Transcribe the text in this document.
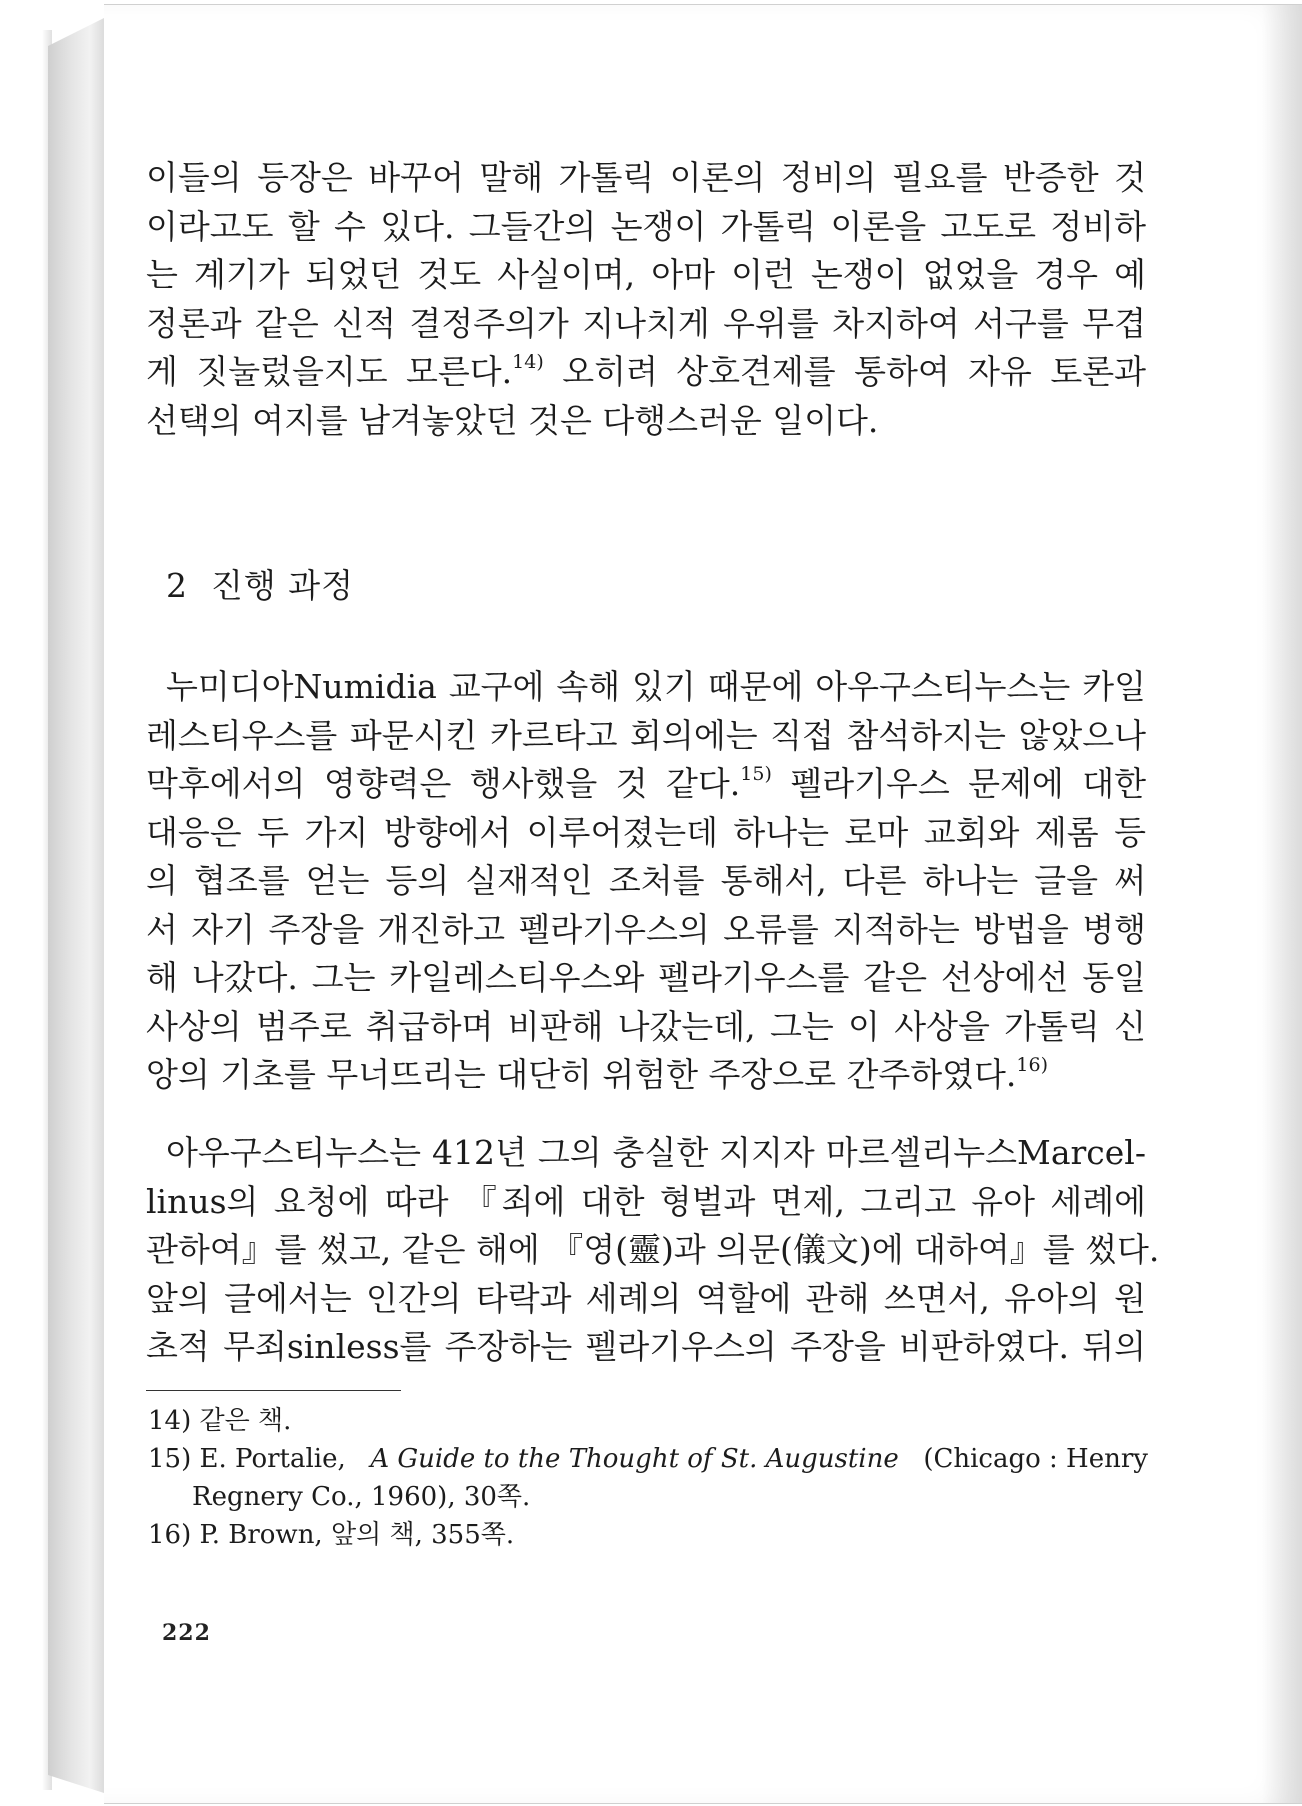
이들의 등장은 바꾸어 말해 가톨릭 이론의 정비의 필요를 반증한 것
이라고도 할 수 있다. 그들간의 논쟁이 가톨릭 이론을 고도로 정비하
는 계기가 되었던 것도 사실이며, 아마 이런 논쟁이 없었을 경우 예
정론과 같은 신적 결정주의가 지나치게 우위를 차지하여 서구를 무겹
게 짓눌렀을지도 모른다.$^{14)}$ 오히려 상호견제를 통하여 자유 토론과
선택의 여지를 남겨놓았던 것은 다행스러운 일이다.

2 진행 과정

누미디아Numidia 교구에 속해 있기 때문에 아우구스티누스는 카일
레스티우스를 파문시킨 카르타고 회의에는 직접 참석하지는 않았으나
막후에서의 영향력은 행사했을 것 같다.$^{15)}$ 펠라기우스 문제에 대한
대응은 두 가지 방향에서 이루어졌는데 하나는 로마 교회와 제롬 등
의 협조를 얻는 등의 실재적인 조처를 통해서, 다른 하나는 글을 써
서 자기 주장을 개진하고 펠라기우스의 오류를 지적하는 방법을 병행
해 나갔다. 그는 카일레스티우스와 펠라기우스를 같은 선상에선 동일
사상의 범주로 취급하며 비판해 나갔는데, 그는 이 사상을 가톨릭 신
앙의 기초를 무너뜨리는 대단히 위험한 주장으로 간주하였다.$^{16)}$

아우구스티누스는 412년 그의 충실한 지지자 마르셀리누스Marcel-
linus의 요청에 따라 『죄에 대한 형벌과 면제, 그리고 유아 세례에
관하여』를 썼고, 같은 해에 『영(靈)과 의문(儀文)에 대하여』를 썼다.
앞의 글에서는 인간의 타락과 세례의 역할에 관해 쓰면서, 유아의 원
초적 무죄sinless를 주장하는 펠라기우스의 주장을 비판하였다. 뒤의

14) 같은 책.
15) E. Portalie, A Guide to the Thought of St. Augustine (Chicago : Henry
Regnery Co., 1960), 30쪽.
16) P. Brown, 앞의 책, 355쪽.
222
